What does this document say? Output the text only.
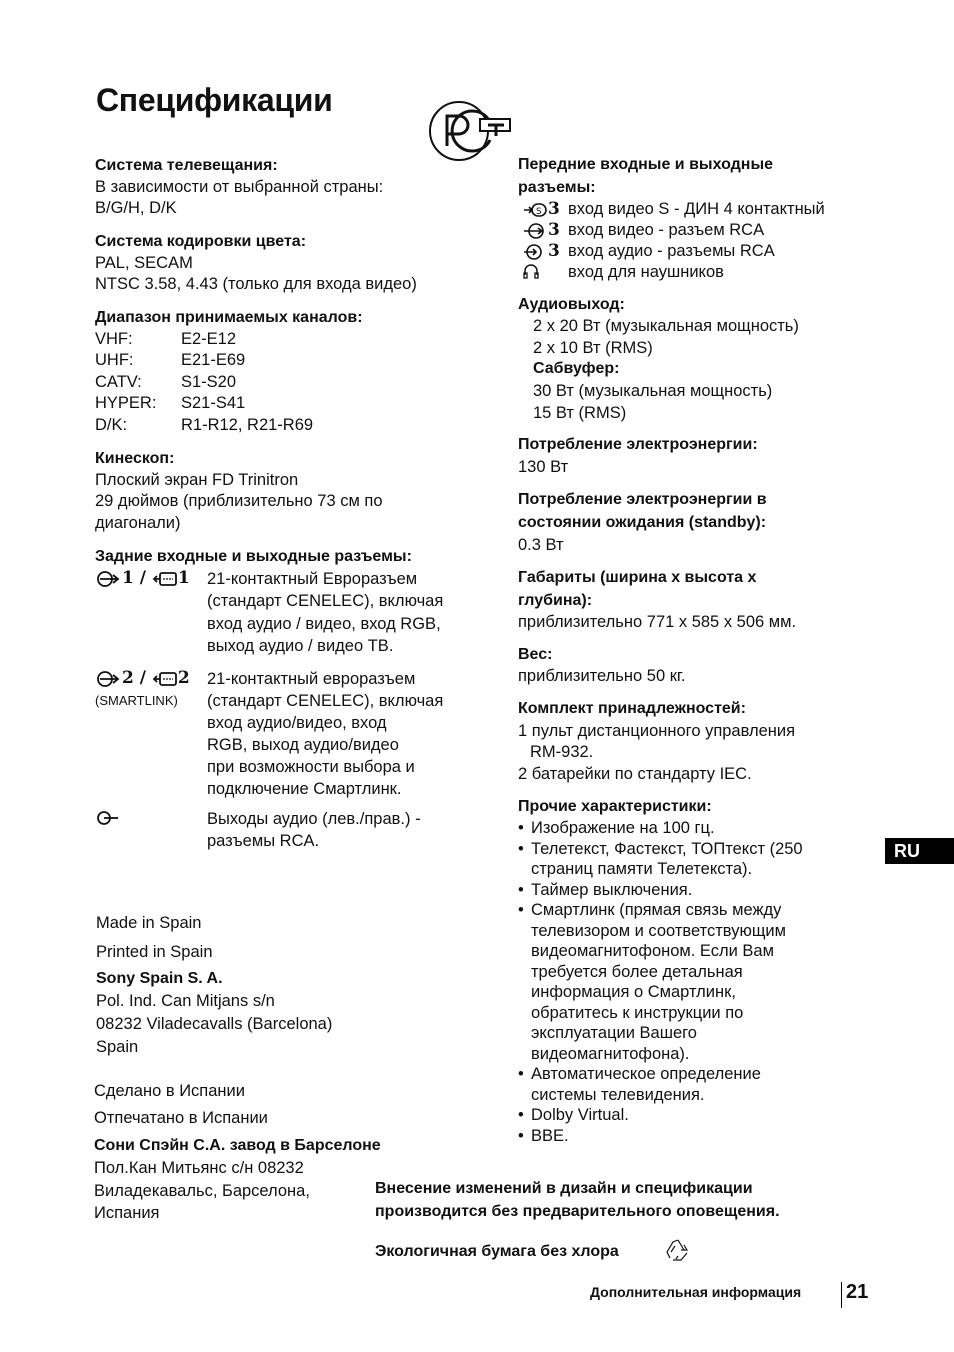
Спецификации
Система телевещания:
В зависимости от выбранной страны:
B/G/H, D/K
Система кодировки цвета:
PAL, SECAM
NTSC 3.58, 4.43 (только для входа видео)
Диапазон принимаемых каналов:
VHF:	E2-E12
UHF:	E21-E69
CATV: S1-S20
HYPER: S21-S41
D/K:	R1-R12, R21-R69
Кинескоп:
Плоский экран FD Trinitron
29 дюймов (приблизительно 73 см по
диагонали)
Задние входные и выходные разъемы:
1 / 1 21-контактный Евроразъем
(стандарт CENELEC), включая
вход аудио / видео, вход RGB,
выход аудио / видео ТВ.
2 / 2
(SMARTLINK)
21-контактный евроразъем
(стандарт CENELEC), включая
вход аудио/видео, вход
RGB, выход аудио/видео
при возможности выбора и
подключение Смартлинк.
Выходы аудио (лев./прав.) -
разъемы RCA.
Made in Spain
Printed in Spain
Sony Spain S. A.
Pol. Ind. Can Mitjans s/n
08232 Viladecavalls (Barcelona)
Spain
Сделано в Испании
Отпечатано в Испании
Сони Спэйн С.А. завод в Барселоне
Пол.Кан Митьянс с/н 08232
Виладекавальс, Барселона,
Испания
Передние входные и выходные
разъемы:
S 3 вход видео S - ДИН 4 контактный
3 вход видео - разъем RCA
3 вход аудио - разъемы RCA
вход для наушников
Аудиовыход:
2 x 20 Вт (музыкальная мощность)
2 x 10 Вт (RMS)
Сабвуфер:
30 Вт (музыкальная мощность)
15 Вт (RMS)
Потребление электроэнергии:
130 Вт
Потребление электроэнергии в
состоянии ожидания (standby):
0.3 Вт
Габариты (ширина x высота x
глубина):
приблизительно 771 x 585 x 506 мм.
Вес:
приблизительно 50 кг.
Комплект принадлежностей:
1 пульт дистанционного управления
RM-932.
2 батарейки по стандарту IEC.
Прочие характеристики:
• Изображение на 100 гц.
• Телетекст, Фастекст, ТОПтекст (250
страниц памяти Телетекста).
• Таймер выключения.
• Смартлинк (прямая связь между
телевизором и соответствующим
видеомагнитофоном. Если Вам
требуется более детальная
информация о Смартлинк,
обратитесь к инструкции по
эксплуатации Вашего
видеомагнитофона).
• Автоматическое определение
системы телевидения.
• Dolby Virtual.
• BBE.
Внесение изменений в дизайн и спецификации
производится без предварительного оповещения.
Экологичная бумага без хлора
RU
Дополнительная информация 21
